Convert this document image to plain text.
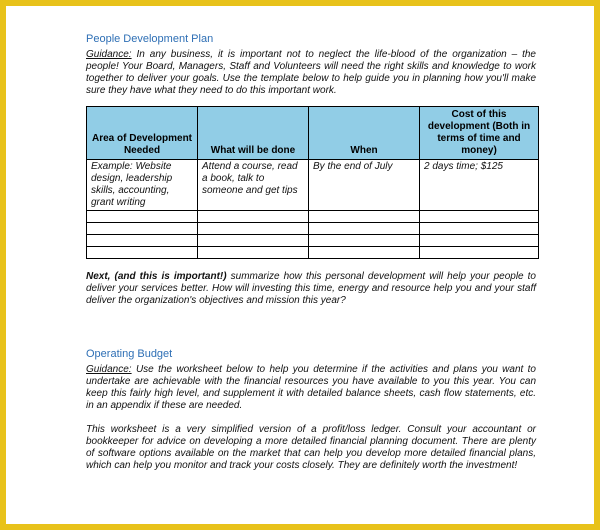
People Development Plan

Guidance: In any business, it is important not to neglect the life-blood of the organization – the people! Your Board, Managers, Staff and Volunteers will need the right skills and knowledge to work together to deliver your goals. Use the template below to help guide you in planning how you'll make sure they have what they need to do this important work.

Area of Development Needed	What will be done	When	Cost of this development (Both in terms of time and money)
Example: Website design, leadership skills, accounting, grant writing	Attend a course, read a book, talk to someone and get tips	By the end of July	2 days time; $125

Next, (and this is important!) summarize how this personal development will help your people to deliver your services better. How will investing this time, energy and resource help you and your staff deliver the organization's objectives and mission this year?

Operating Budget

Guidance: Use the worksheet below to help you determine if the activities and plans you want to undertake are achievable with the financial resources you have available to you this year. You can keep this fairly high level, and supplement it with detailed balance sheets, cash flow statements, etc. in an appendix if these are needed.

This worksheet is a very simplified version of a profit/loss ledger. Consult your accountant or bookkeeper for advice on developing a more detailed financial planning document. There are plenty of software options available on the market that can help you develop more detailed financial plans, which can help you monitor and track your costs closely. They are definitely worth the investment!
